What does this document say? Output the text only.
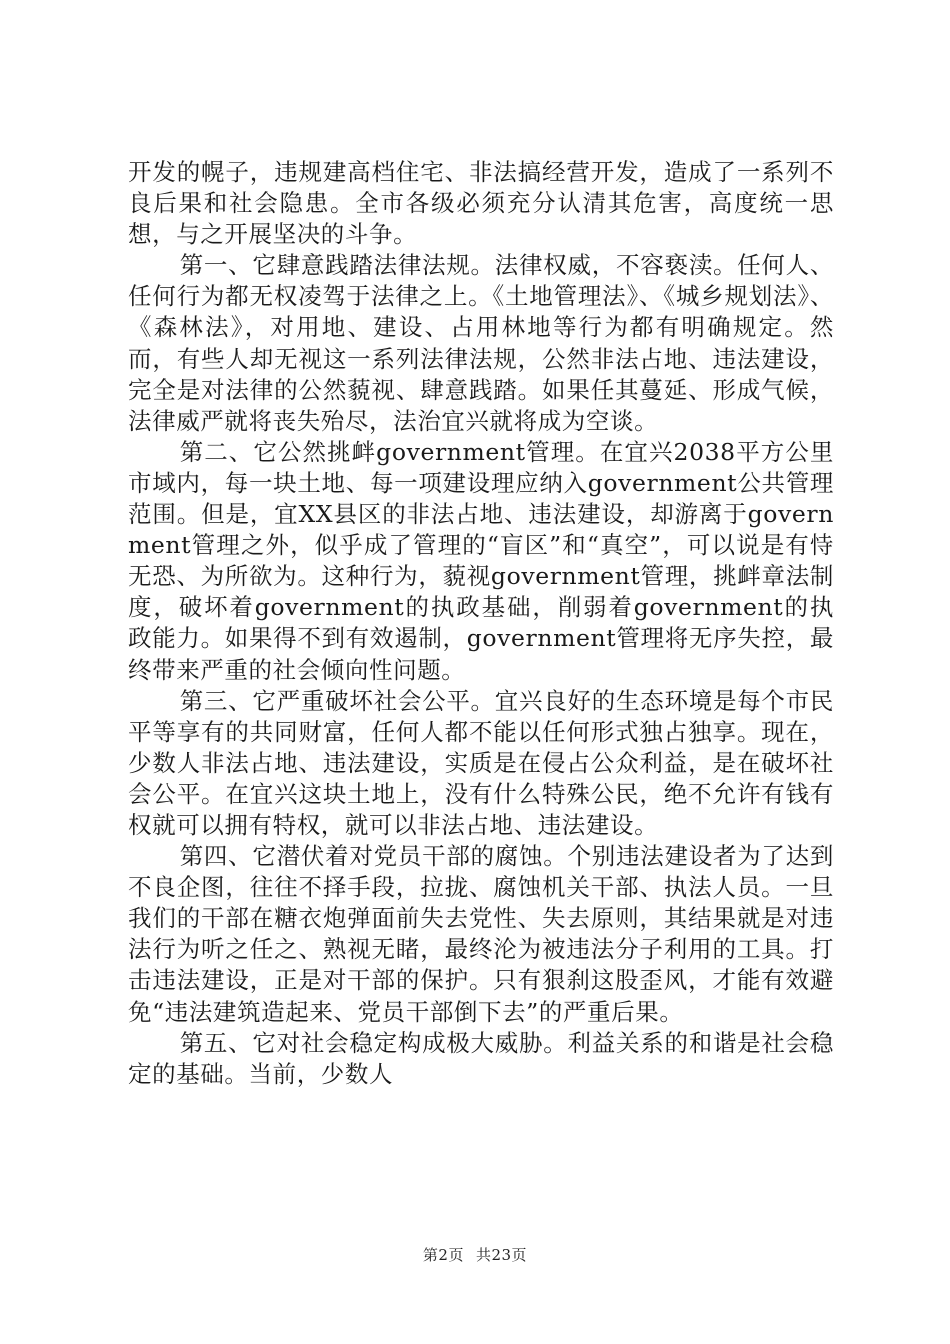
开发的幌子，违规建高档住宅、非法搞经营开发，造成了一系列不良后果和社会隐患。全市各级必须充分认清其危害，高度统一思想，与之开展坚决的斗争。

第一、它肆意践踏法律法规。法律权威，不容亵渎。任何人、任何行为都无权凌驾于法律之上。《土地管理法》、《城乡规划法》、《森林法》，对用地、建设、占用林地等行为都有明确规定。然而，有些人却无视这一系列法律法规，公然非法占地、违法建设，完全是对法律的公然藐视、肆意践踏。如果任其蔓延、形成气候，法律威严就将丧失殆尽，法治宜兴就将成为空谈。

第二、它公然挑衅government管理。在宜兴2038平方公里市域内，每一块土地、每一项建设理应纳入government公共管理范围。但是，宜XX县区的非法占地、违法建设，却游离于government管理之外，似乎成了管理的“盲区”和“真空”，可以说是有恃无恐、为所欲为。这种行为，藐视government管理，挑衅章法制度，破坏着government的执政基础，削弱着government的执政能力。如果得不到有效遏制，government管理将无序失控，最终带来严重的社会倾向性问题。

第三、它严重破坏社会公平。宜兴良好的生态环境是每个市民平等享有的共同财富，任何人都不能以任何形式独占独享。现在，少数人非法占地、违法建设，实质是在侵占公众利益，是在破坏社会公平。在宜兴这块土地上，没有什么特殊公民，绝不允许有钱有权就可以拥有特权，就可以非法占地、违法建设。

第四、它潜伏着对党员干部的腐蚀。个别违法建设者为了达到不良企图，往往不择手段，拉拢、腐蚀机关干部、执法人员。一旦我们的干部在糖衣炮弹面前失去党性、失去原则，其结果就是对违法行为听之任之、熟视无睹，最终沦为被违法分子利用的工具。打击违法建设，正是对干部的保护。只有狠刹这股歪风，才能有效避免“违法建筑造起来、党员干部倒下去”的严重后果。

第五、它对社会稳定构成极大威胁。利益关系的和谐是社会稳定的基础。当前，少数人

第2页 共23页
